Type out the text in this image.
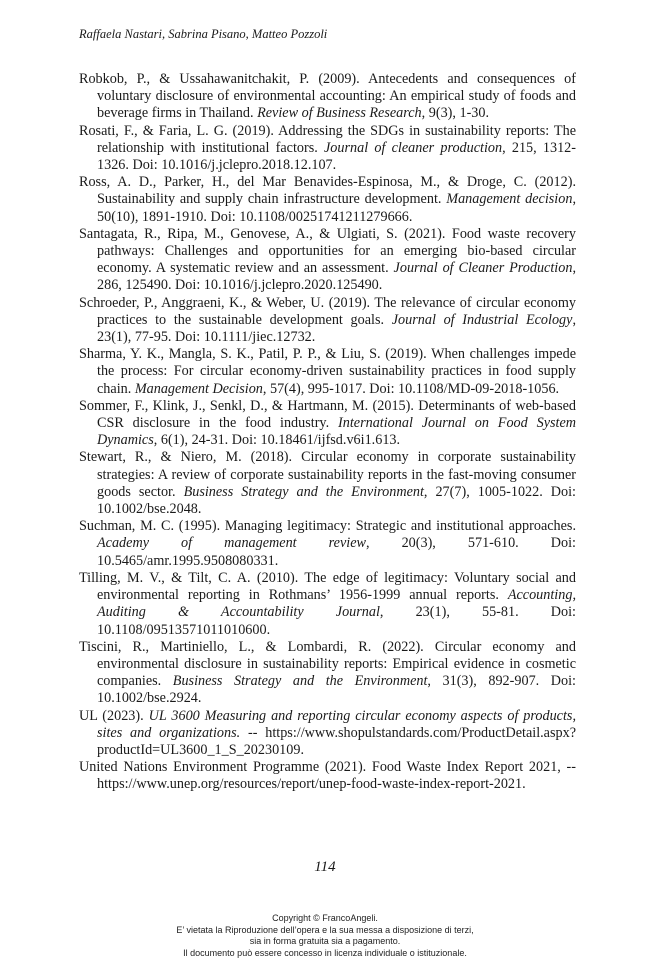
Raffaela Nastari, Sabrina Pisano, Matteo Pozzoli

Robkob, P., & Ussahawanitchakit, P. (2009). Antecedents and consequences of voluntary disclosure of environmental accounting: An empirical study of foods and beverage firms in Thailand. Review of Business Research, 9(3), 1-30.

Rosati, F., & Faria, L. G. (2019). Addressing the SDGs in sustainability reports: The relationship with institutional factors. Journal of cleaner production, 215, 1312-1326. Doi: 10.1016/j.jclepro.2018.12.107.

Ross, A. D., Parker, H., del Mar Benavides-Espinosa, M., & Droge, C. (2012). Sustainability and supply chain infrastructure development. Management decision, 50(10), 1891-1910. Doi: 10.1108/00251741211279666.

Santagata, R., Ripa, M., Genovese, A., & Ulgiati, S. (2021). Food waste recovery pathways: Challenges and opportunities for an emerging bio-based circular economy. A systematic review and an assessment. Journal of Cleaner Production, 286, 125490. Doi: 10.1016/j.jclepro.2020.125490.

Schroeder, P., Anggraeni, K., & Weber, U. (2019). The relevance of circular economy practices to the sustainable development goals. Journal of Industrial Ecology, 23(1), 77-95. Doi: 10.1111/jiec.12732.

Sharma, Y. K., Mangla, S. K., Patil, P. P., & Liu, S. (2019). When challenges impede the process: For circular economy-driven sustainability practices in food supply chain. Management Decision, 57(4), 995-1017. Doi: 10.1108/MD-09-2018-1056.

Sommer, F., Klink, J., Senkl, D., & Hartmann, M. (2015). Determinants of web-based CSR disclosure in the food industry. International Journal on Food System Dynamics, 6(1), 24-31. Doi: 10.18461/ijfsd.v6i1.613.

Stewart, R., & Niero, M. (2018). Circular economy in corporate sustainability strategies: A review of corporate sustainability reports in the fast-moving consumer goods sector. Business Strategy and the Environment, 27(7), 1005-1022. Doi: 10.1002/bse.2048.

Suchman, M. C. (1995). Managing legitimacy: Strategic and institutional approaches. Academy of management review, 20(3), 571-610. Doi: 10.5465/amr.1995.9508080331.

Tilling, M. V., & Tilt, C. A. (2010). The edge of legitimacy: Voluntary social and environmental reporting in Rothmans’ 1956-1999 annual reports. Accounting, Auditing & Accountability Journal, 23(1), 55-81. Doi: 10.1108/09513571011010600.

Tiscini, R., Martiniello, L., & Lombardi, R. (2022). Circular economy and environmental disclosure in sustainability reports: Empirical evidence in cosmetic companies. Business Strategy and the Environment, 31(3), 892-907. Doi: 10.1002/bse.2924.

UL (2023). UL 3600 Measuring and reporting circular economy aspects of products, sites and organizations. -- https://www.shopulstandards.com/ProductDetail.aspx?productId=UL3600_1_S_20230109.

United Nations Environment Programme (2021). Food Waste Index Report 2021, -- https://www.unep.org/resources/report/unep-food-waste-index-report-2021.

114
Copyright © FrancoAngeli.
E’ vietata la Riproduzione dell’opera e la sua messa a disposizione di terzi,
sia in forma gratuita sia a pagamento.
Il documento può essere concesso in licenza individuale o istituzionale.
